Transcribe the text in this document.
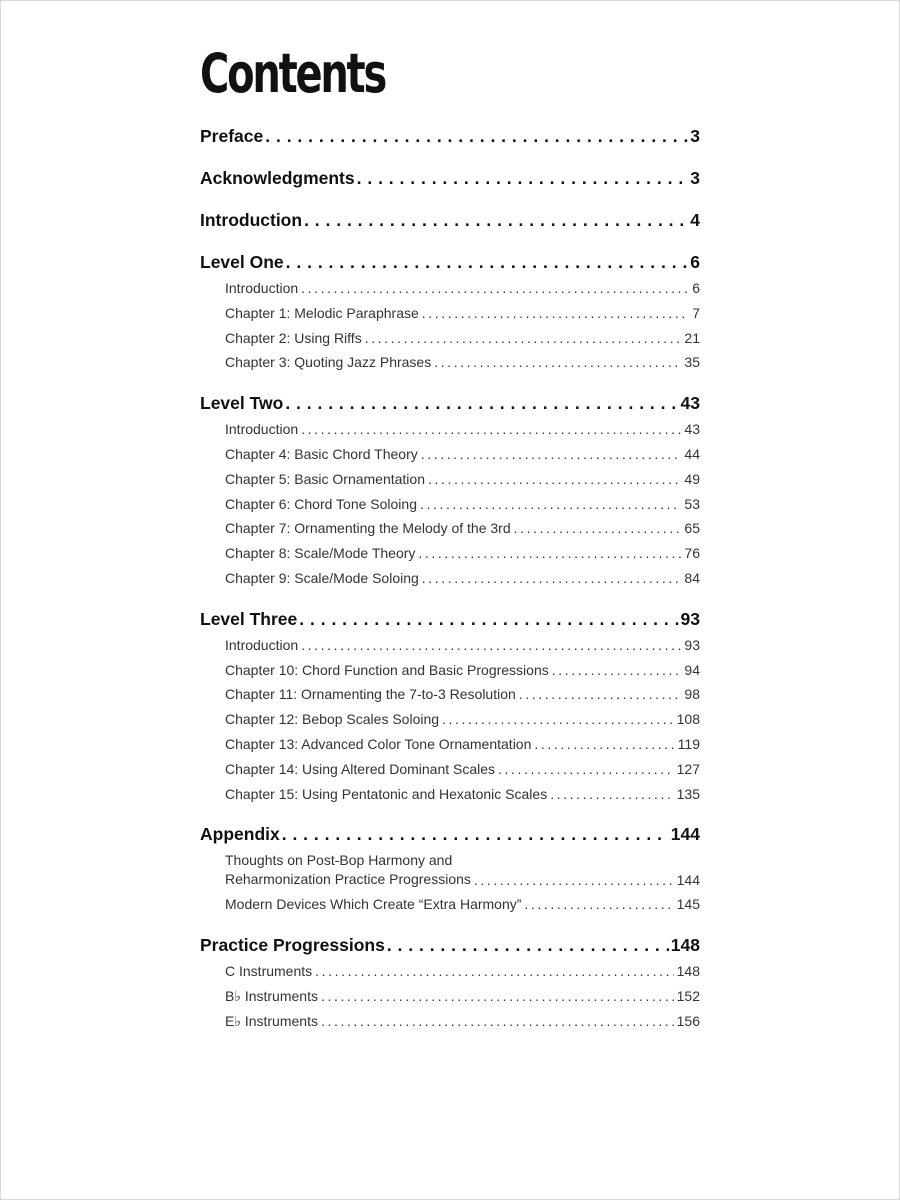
Contents
Preface . . .	3
Acknowledgments . . .	3
Introduction . . .	4
Level One . . .	6
Introduction .....	6
Chapter 1: Melodic Paraphrase .....	7
Chapter 2: Using Riffs .....	21
Chapter 3: Quoting Jazz Phrases .....	35
Level Two . . .	43
Introduction .....	43
Chapter 4: Basic Chord Theory .....	44
Chapter 5: Basic Ornamentation .....	49
Chapter 6: Chord Tone Soloing .....	53
Chapter 7: Ornamenting the Melody of the 3rd .....	65
Chapter 8: Scale/Mode Theory .....	76
Chapter 9: Scale/Mode Soloing .....	84
Level Three . . .	93
Introduction .....	93
Chapter 10: Chord Function and Basic Progressions .....	94
Chapter 11: Ornamenting the 7-to-3 Resolution .....	98
Chapter 12: Bebop Scales Soloing .....	108
Chapter 13: Advanced Color Tone Ornamentation .....	119
Chapter 14: Using Altered Dominant Scales .....	127
Chapter 15: Using Pentatonic and Hexatonic Scales .....	135
Appendix . . .	144
Thoughts on Post-Bop Harmony and
Reharmonization Practice Progressions .....	144
Modern Devices Which Create “Extra Harmony” .....	145
Practice Progressions . . .	148
C Instruments .....	148
B♭ Instruments .....	152
E♭ Instruments .....	156
